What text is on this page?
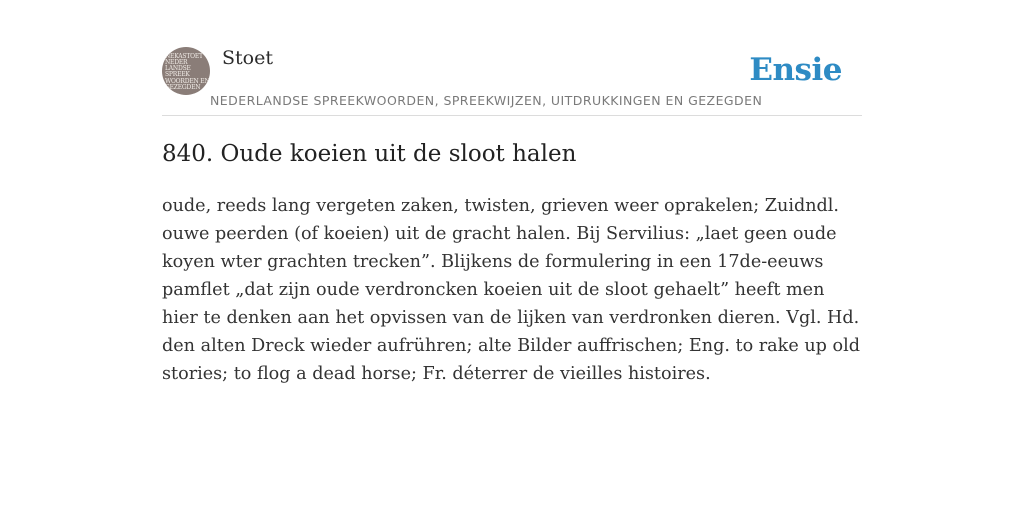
NEKASTOET
NEDER
LANDSE
SPREEK
WOORDEN EN
GEZEGDEN
Stoet
NEDERLANDSE SPREEKWOORDEN, SPREEKWIJZEN, UITDRUKKINGEN EN GEZEGDEN
Ensie
840. Oude koeien uit de sloot halen

oude, reeds lang vergeten zaken, twisten, grieven weer oprakelen; Zuidndl. ouwe peerden (of koeien) uit de gracht halen. Bij Servilius: „laet geen oude koyen wter grachten trecken”. Blijkens de formulering in een 17de-eeuws pamflet „dat zijn oude verdroncken koeien uit de sloot gehaelt” heeft men hier te denken aan het opvissen van de lijken van verdronken dieren. Vgl. Hd. den alten Dreck wieder aufrühren; alte Bilder auffrischen; Eng. to rake up old stories; to flog a dead horse; Fr. déterrer de vieilles histoires.
